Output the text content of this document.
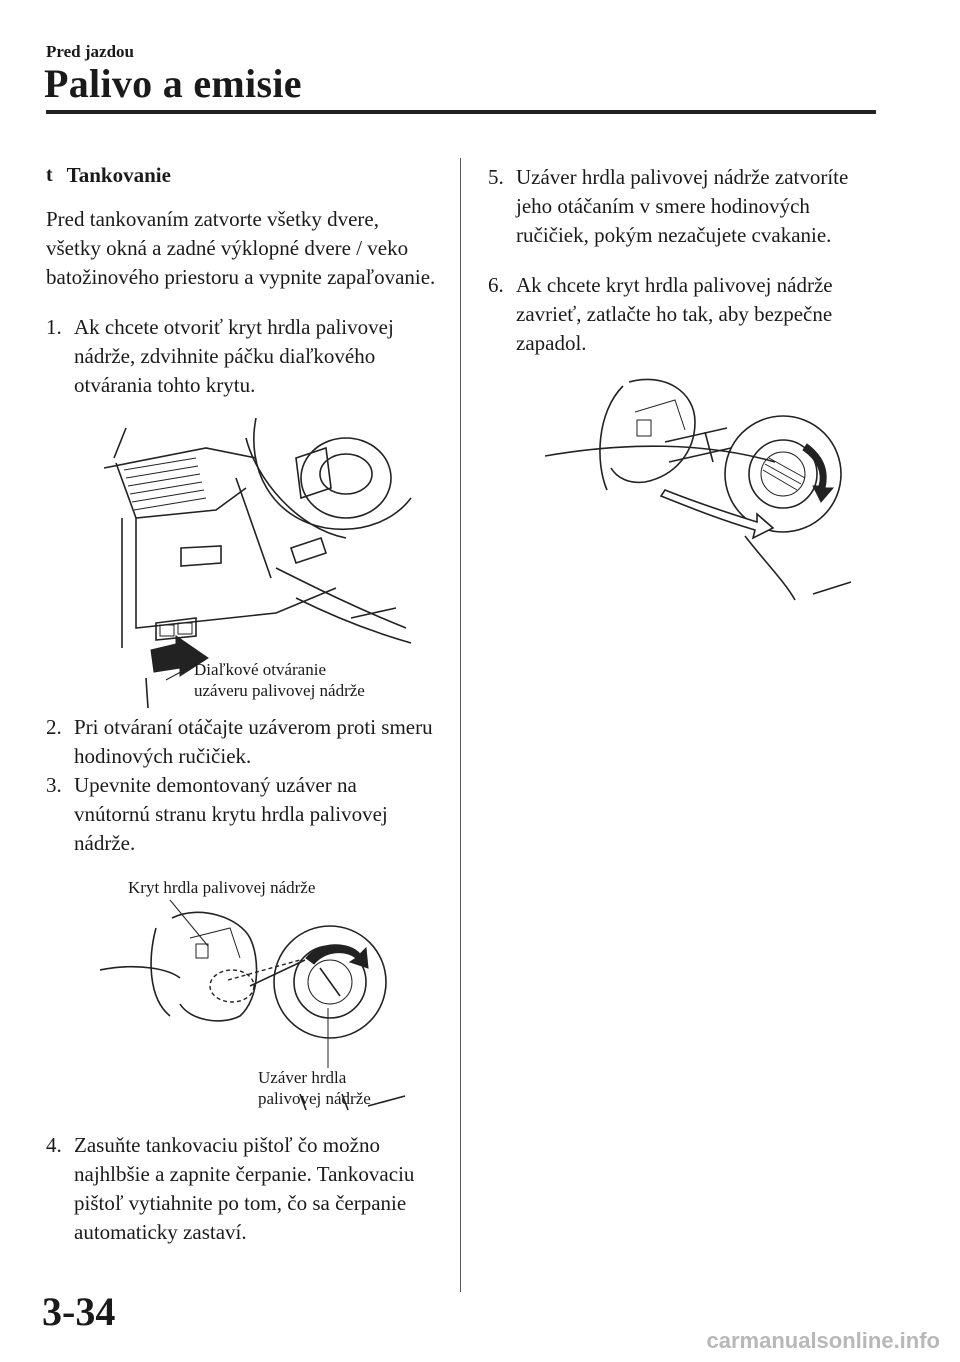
Pred jazdou
Palivo a emisie
t Tankovanie
Pred tankovaním zatvorte všetky dvere, všetky okná a zadné výklopné dvere / veko batožinového priestoru a vypnite zapaľovanie.
1. Ak chcete otvoriť kryt hrdla palivovej nádrže, zdvihnite páčku diaľkového otvárania tohto krytu.
Diaľkové otváranie
uzáveru palivovej nádrže
2. Pri otváraní otáčajte uzáverom proti smeru hodinových ručičiek.
3. Upevnite demontovaný uzáver na vnútornú stranu krytu hrdla palivovej nádrže.
Kryt hrdla palivovej nádrže
Uzáver hrdla
palivovej nádrže
4. Zasuňte tankovaciu pištoľ čo možno najhlbšie a zapnite čerpanie. Tankovaciu pištoľ vytiahnite po tom, čo sa čerpanie automaticky zastaví.
5. Uzáver hrdla palivovej nádrže zatvoríte jeho otáčaním v smere hodinových ručičiek, pokým nezačujete cvakanie.
6. Ak chcete kryt hrdla palivovej nádrže zavrieť, zatlačte ho tak, aby bezpečne zapadol.
3-34
carmanualsonline.info
